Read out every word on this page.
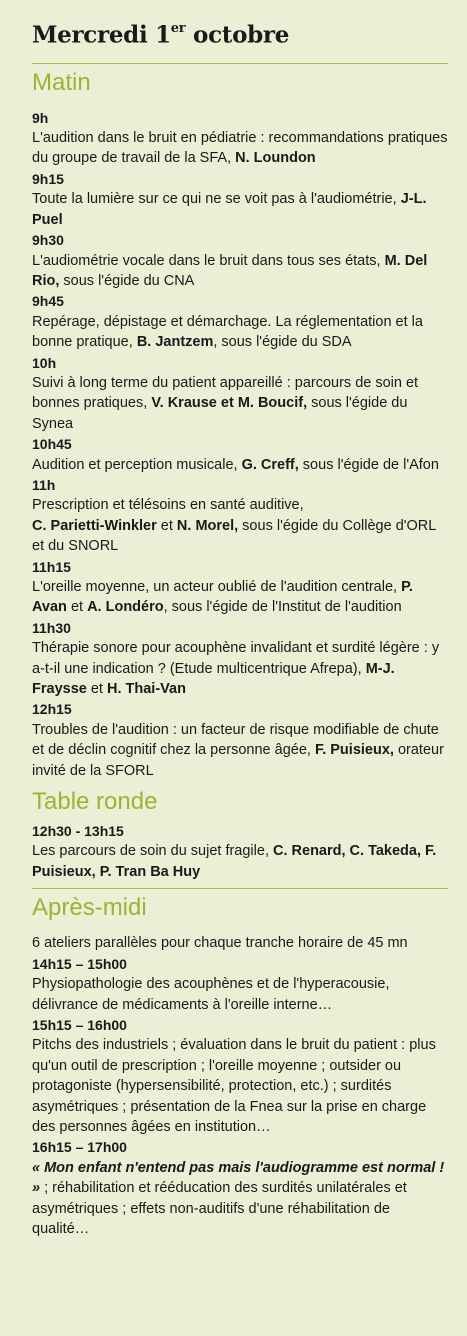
Mercredi 1er octobre
Matin
9h
L'audition dans le bruit en pédiatrie : recommandations pratiques du groupe de travail de la SFA, N. Loundon
9h15
Toute la lumière sur ce qui ne se voit pas à l'audiométrie, J-L. Puel
9h30
L'audiométrie vocale dans le bruit dans tous ses états, M. Del Rio, sous l'égide du CNA
9h45
Repérage, dépistage et démarchage. La réglementation et la bonne pratique, B. Jantzem, sous l'égide du SDA
10h
Suivi à long terme du patient appareillé : parcours de soin et bonnes pratiques, V. Krause et M. Boucif, sous l'égide du Synea
10h45
Audition et perception musicale, G. Creff, sous l'égide de l'Afon
11h
Prescription et télésoins en santé auditive,
C. Parietti-Winkler et N. Morel, sous l'égide du Collège d'ORL et du SNORL
11h15
L'oreille moyenne, un acteur oublié de l'audition centrale, P. Avan et A. Londéro, sous l'égide de l'Institut de l'audition
11h30
Thérapie sonore pour acouphène invalidant et surdité légère : y a-t-il une indication ? (Etude multicentrique Afrepa), M-J. Fraysse et H. Thai-Van
12h15
Troubles de l'audition : un facteur de risque modifiable de chute et de déclin cognitif chez la personne âgée, F. Puisieux, orateur invité de la SFORL
Table ronde
12h30 - 13h15
Les parcours de soin du sujet fragile, C. Renard, C. Takeda, F. Puisieux, P. Tran Ba Huy
Après-midi
6 ateliers parallèles pour chaque tranche horaire de 45 mn
14h15 – 15h00
Physiopathologie des acouphènes et de l'hyperacousie, délivrance de médicaments à l'oreille interne…
15h15 – 16h00
Pitchs des industriels ; évaluation dans le bruit du patient : plus qu'un outil de prescription ; l'oreille moyenne ; outsider ou protagoniste (hypersensibilité, protection, etc.) ; surdités asymétriques ; présentation de la Fnea sur la prise en charge des personnes âgées en institution…
16h15 – 17h00
« Mon enfant n'entend pas mais l'audiogramme est normal ! » ; réhabilitation et rééducation des surdités unilatérales et asymétriques ; effets non-auditifs d'une réhabilitation de qualité…
